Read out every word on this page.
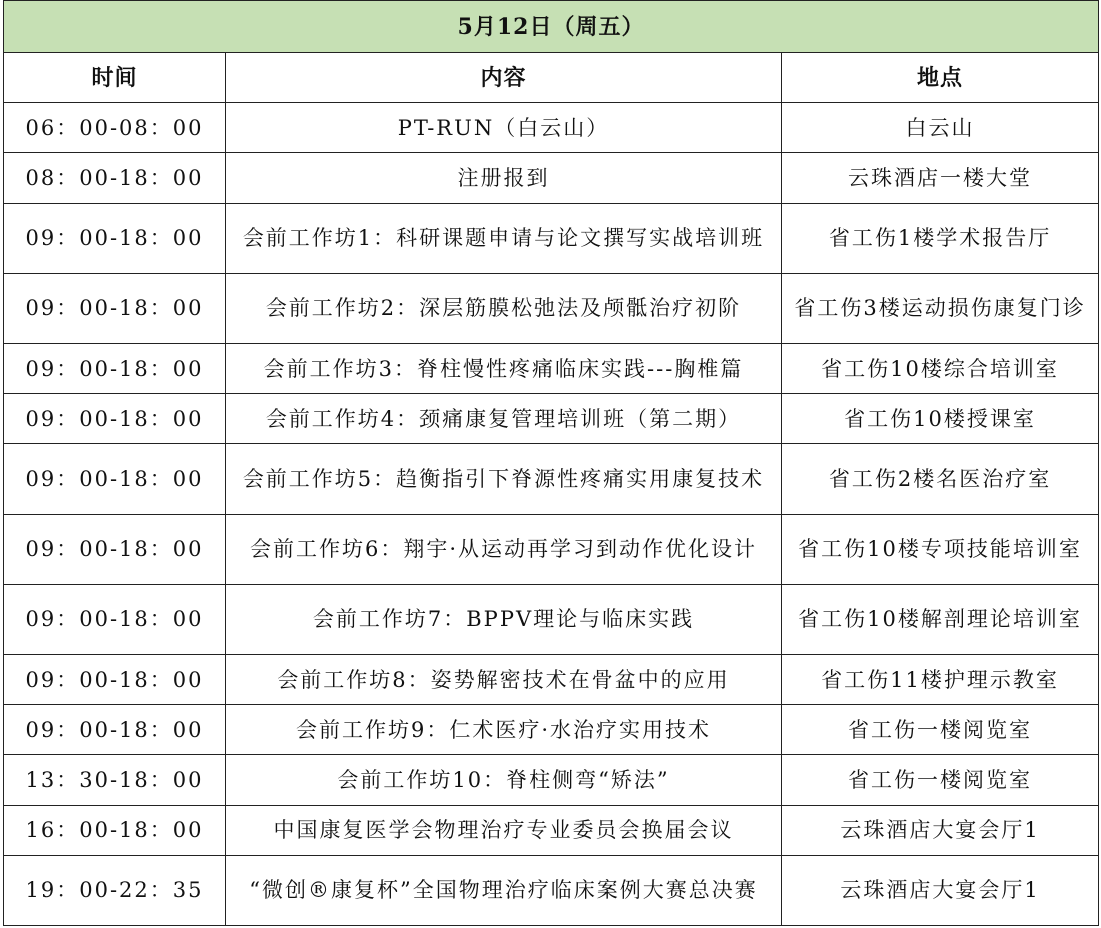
5月12日（周五）		
时间	内容	地点
06：00-08：00	PT-RUN（白云山）	白云山
08：00-18：00	注册报到	云珠酒店一楼大堂
09：00-18：00	会前工作坊1：科研课题申请与论文撰写实战培训班	省工伤1楼学术报告厅
09：00-18：00	会前工作坊2：深层筋膜松弛法及颅骶治疗初阶	省工伤3楼运动损伤康复门诊
09：00-18：00	会前工作坊3：脊柱慢性疼痛临床实践---胸椎篇	省工伤10楼综合培训室
09：00-18：00	会前工作坊4：颈痛康复管理培训班（第二期）	省工伤10楼授课室
09：00-18：00	会前工作坊5：趋衡指引下脊源性疼痛实用康复技术	省工伤2楼名医治疗室
09：00-18：00	会前工作坊6：翔宇·从运动再学习到动作优化设计	省工伤10楼专项技能培训室
09：00-18：00	会前工作坊7：BPPV理论与临床实践	省工伤10楼解剖理论培训室
09：00-18：00	会前工作坊8：姿势解密技术在骨盆中的应用	省工伤11楼护理示教室
09：00-18：00	会前工作坊9：仁术医疗·水治疗实用技术	省工伤一楼阅览室
13：30-18：00	会前工作坊10：脊柱侧弯“矫法”	省工伤一楼阅览室
16：00-18：00	中国康复医学会物理治疗专业委员会换届会议	云珠酒店大宴会厅1
19：00-22：35	“微创®康复杯”全国物理治疗临床案例大赛总决赛	云珠酒店大宴会厅1
